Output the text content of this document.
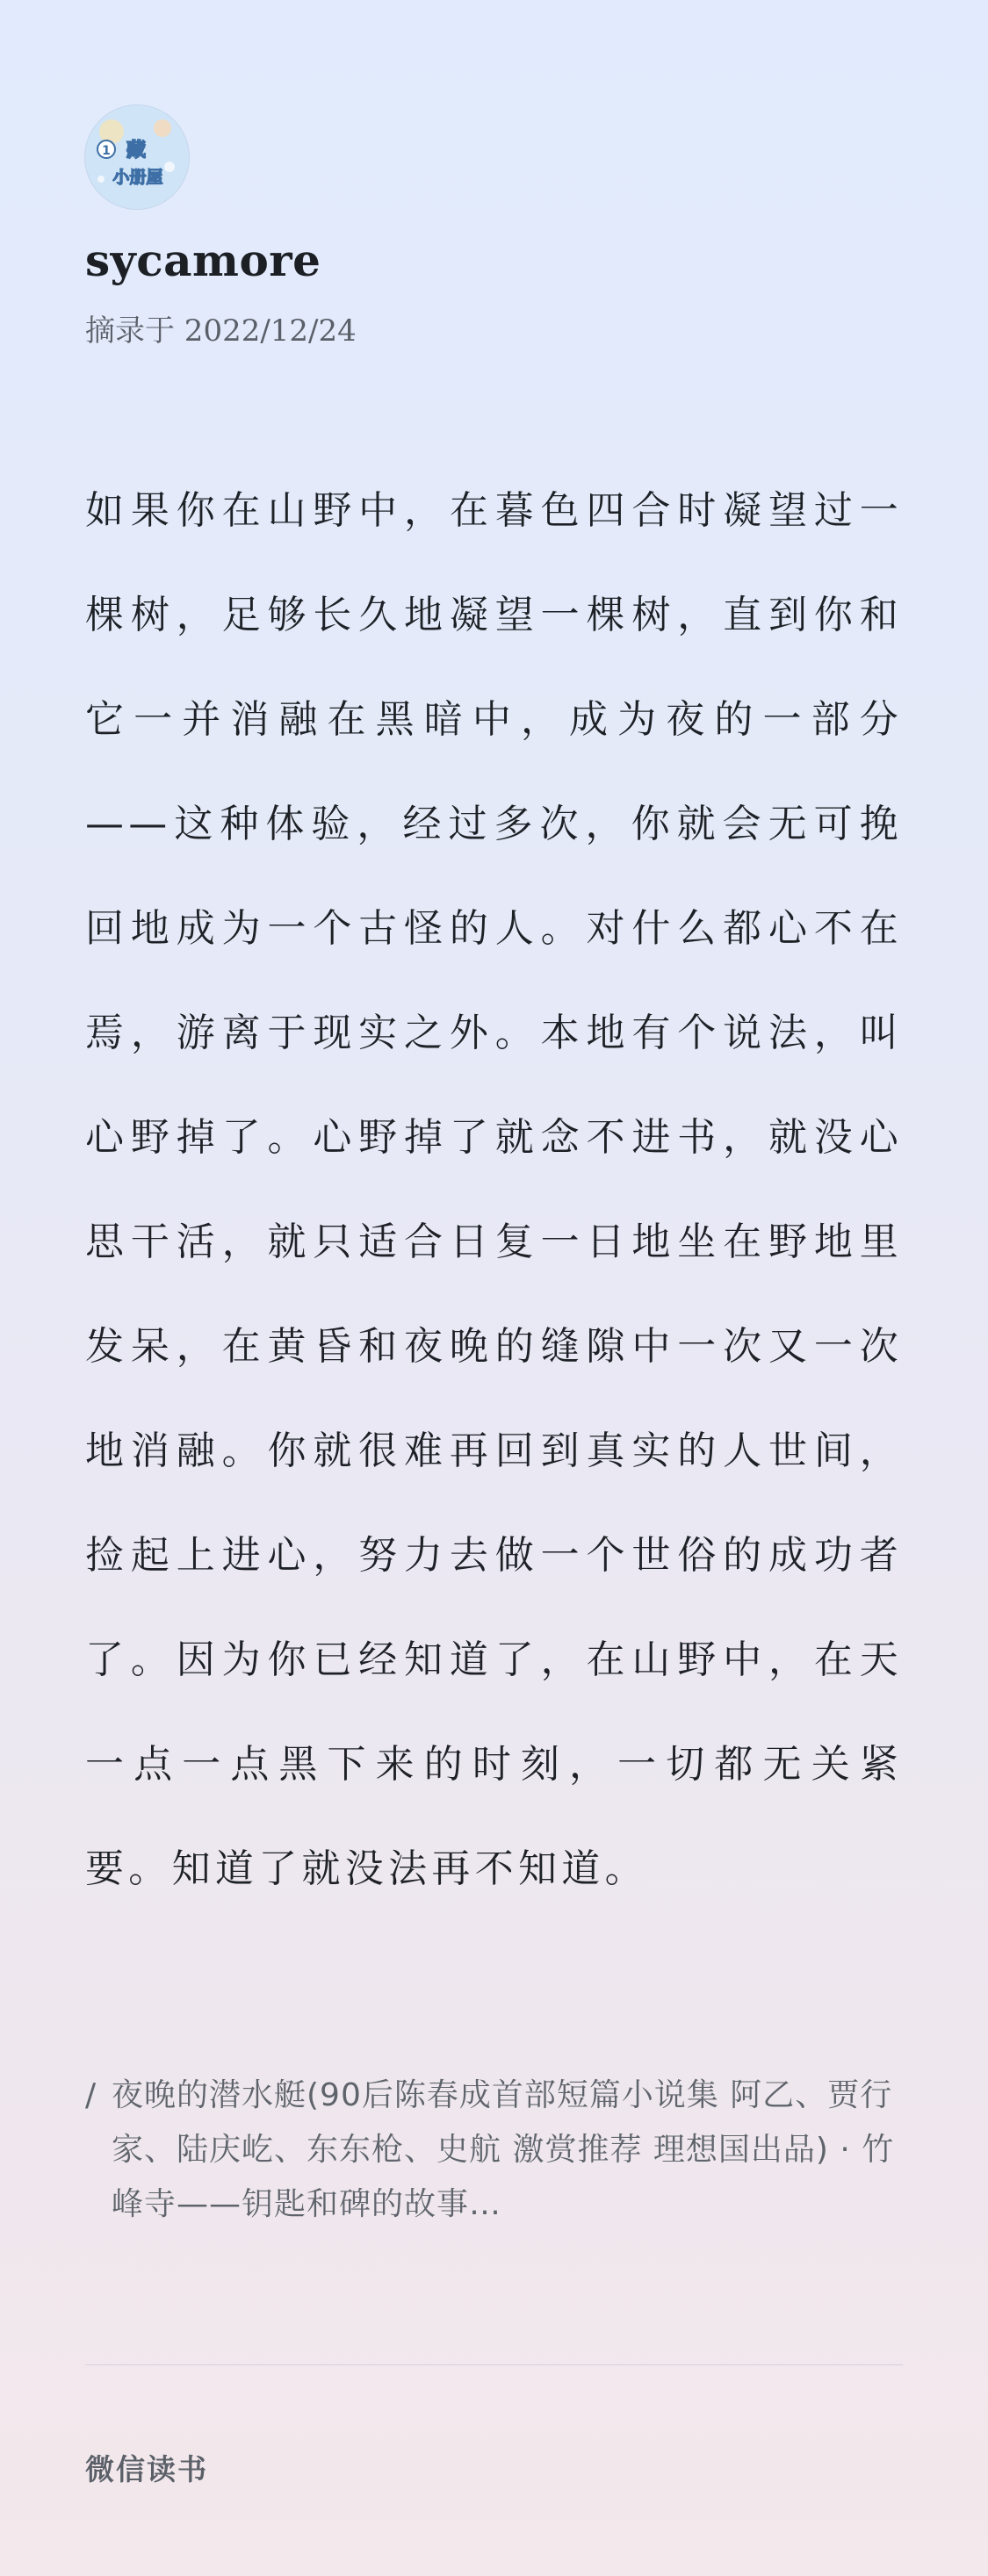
1 藏
小册屋
sycamore
摘录于 2022/12/24

如果你在山野中，在暮色四合时凝望过一棵树，足够长久地凝望一棵树，直到你和它一并消融在黑暗中，成为夜的一部分——这种体验，经过多次，你就会无可挽回地成为一个古怪的人。对什么都心不在焉，游离于现实之外。本地有个说法，叫心野掉了。心野掉了就念不进书，就没心思干活，就只适合日复一日地坐在野地里发呆，在黄昏和夜晚的缝隙中一次又一次地消融。你就很难再回到真实的人世间，捡起上进心，努力去做一个世俗的成功者了。因为你已经知道了，在山野中，在天一点一点黑下来的时刻，一切都无关紧要。知道了就没法再不知道。

/ 夜晚的潜水艇(90后陈春成首部短篇小说集 阿乙、贾行家、陆庆屹、东东枪、史航 激赏推荐 理想国出品) · 竹峰寺——钥匙和碑的故事…
微信读书
